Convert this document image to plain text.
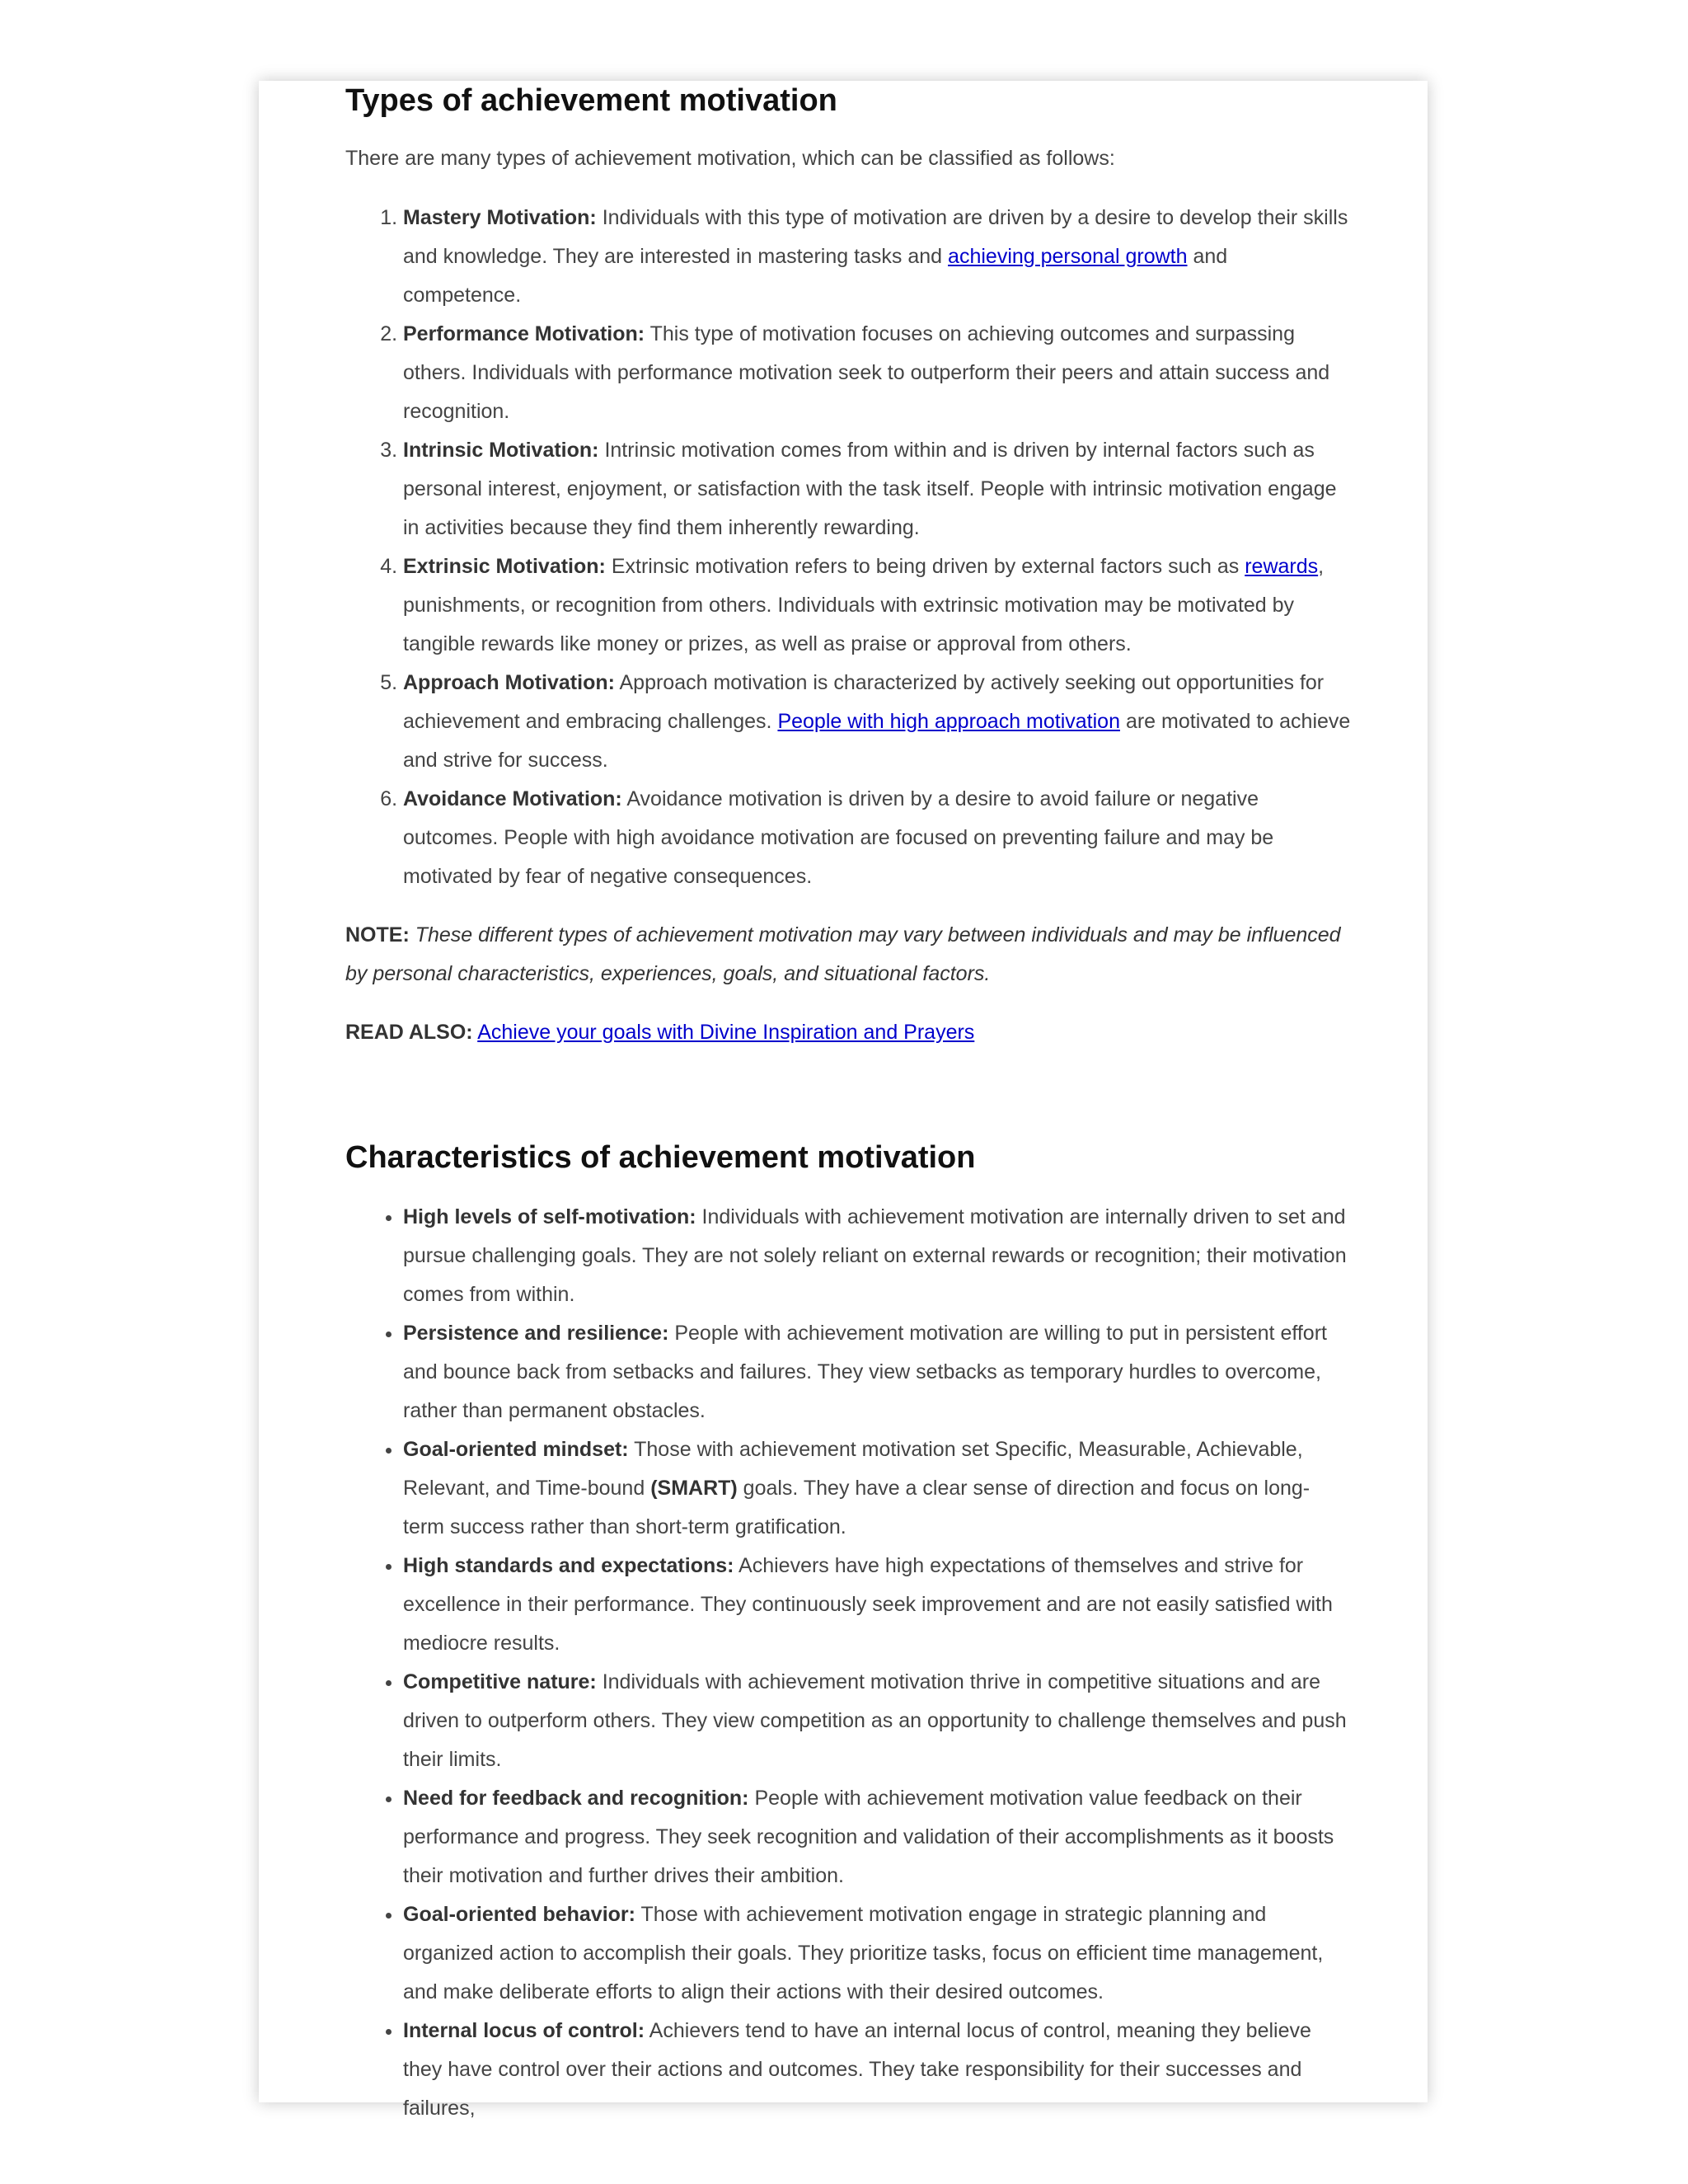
Types of achievement motivation

There are many types of achievement motivation, which can be classified as follows:

1. Mastery Motivation: Individuals with this type of motivation are driven by a desire to develop their skills and knowledge. They are interested in mastering tasks and achieving personal growth and competence.
2. Performance Motivation: This type of motivation focuses on achieving outcomes and surpassing others. Individuals with performance motivation seek to outperform their peers and attain success and recognition.
3. Intrinsic Motivation: Intrinsic motivation comes from within and is driven by internal factors such as personal interest, enjoyment, or satisfaction with the task itself. People with intrinsic motivation engage in activities because they find them inherently rewarding.
4. Extrinsic Motivation: Extrinsic motivation refers to being driven by external factors such as rewards, punishments, or recognition from others. Individuals with extrinsic motivation may be motivated by tangible rewards like money or prizes, as well as praise or approval from others.
5. Approach Motivation: Approach motivation is characterized by actively seeking out opportunities for achievement and embracing challenges. People with high approach motivation are motivated to achieve and strive for success.
6. Avoidance Motivation: Avoidance motivation is driven by a desire to avoid failure or negative outcomes. People with high avoidance motivation are focused on preventing failure and may be motivated by fear of negative consequences.

NOTE: These different types of achievement motivation may vary between individuals and may be influenced by personal characteristics, experiences, goals, and situational factors.

READ ALSO: Achieve your goals with Divine Inspiration and Prayers

Characteristics of achievement motivation
• High levels of self-motivation: Individuals with achievement motivation are internally driven to set and pursue challenging goals. They are not solely reliant on external rewards or recognition; their motivation comes from within.
• Persistence and resilience: People with achievement motivation are willing to put in persistent effort and bounce back from setbacks and failures. They view setbacks as temporary hurdles to overcome, rather than permanent obstacles.
• Goal-oriented mindset: Those with achievement motivation set Specific, Measurable, Achievable, Relevant, and Time-bound (SMART) goals. They have a clear sense of direction and focus on long-term success rather than short-term gratification.
• High standards and expectations: Achievers have high expectations of themselves and strive for excellence in their performance. They continuously seek improvement and are not easily satisfied with mediocre results.
• Competitive nature: Individuals with achievement motivation thrive in competitive situations and are driven to outperform others. They view competition as an opportunity to challenge themselves and push their limits.
• Need for feedback and recognition: People with achievement motivation value feedback on their performance and progress. They seek recognition and validation of their accomplishments as it boosts their motivation and further drives their ambition.
• Goal-oriented behavior: Those with achievement motivation engage in strategic planning and organized action to accomplish their goals. They prioritize tasks, focus on efficient time management, and make deliberate efforts to align their actions with their desired outcomes.
• Internal locus of control: Achievers tend to have an internal locus of control, meaning they believe they have control over their actions and outcomes. They take responsibility for their successes and failures,
